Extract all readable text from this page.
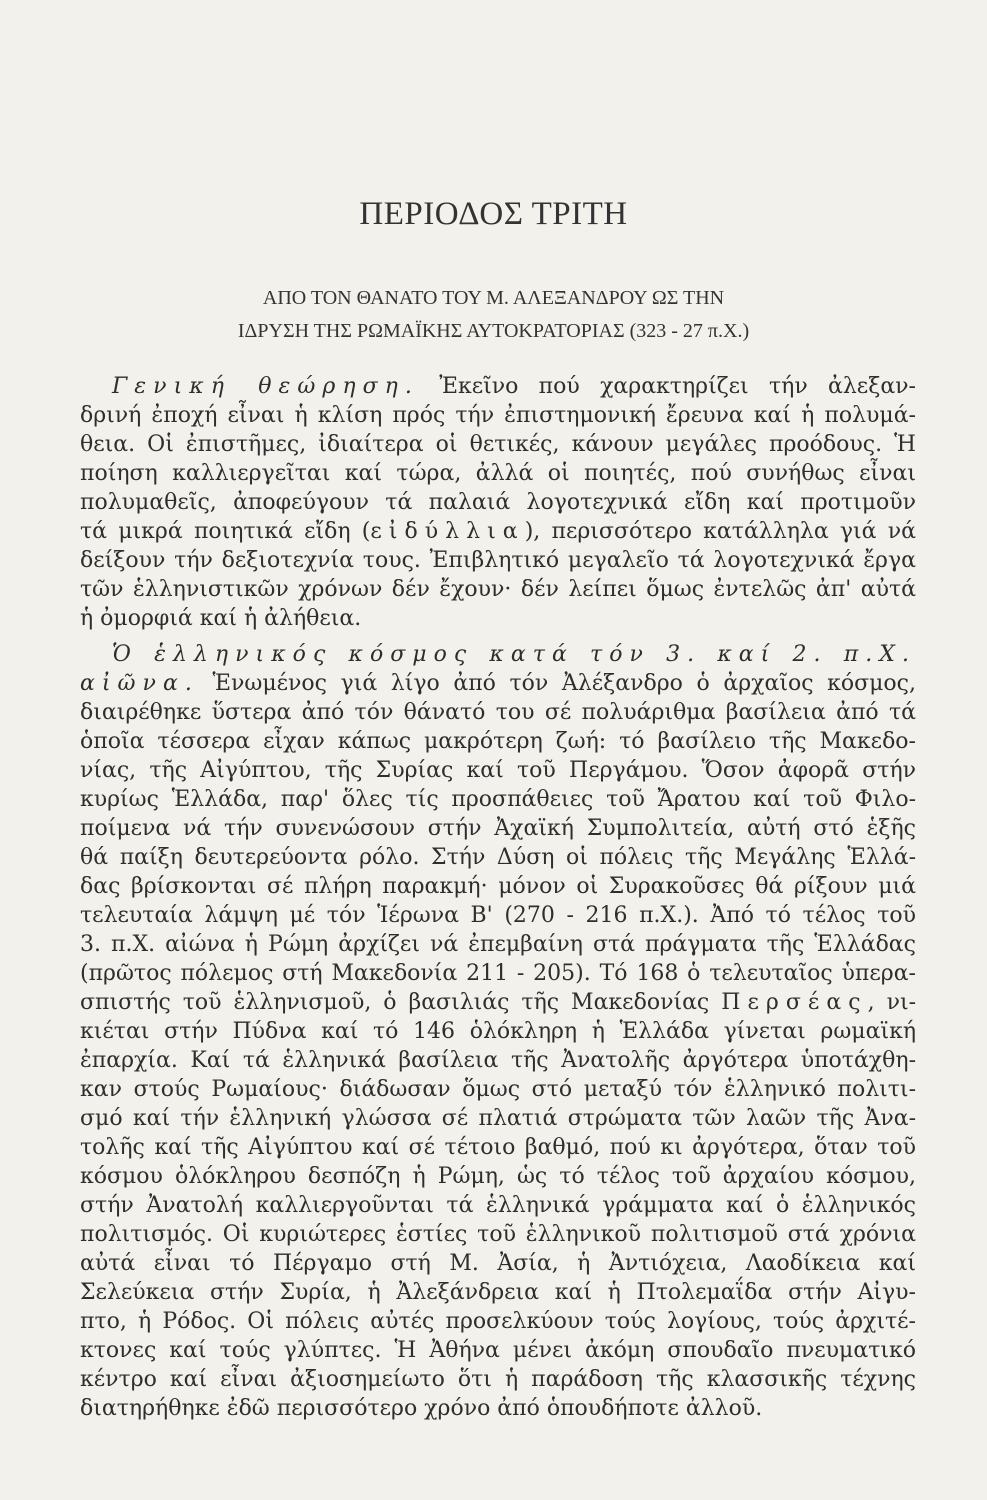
ΠΕΡΙΟΔΟΣ ΤΡΙΤΗ
ΑΠΟ ΤΟΝ ΘΑΝΑΤΟ ΤΟΥ Μ. ΑΛΕΞΑΝΔΡΟΥ ΩΣ ΤΗΝ
ΙΔΡΥΣΗ ΤΗΣ ΡΩΜΑΪΚΗΣ ΑΥΤΟΚΡΑΤΟΡΙΑΣ (323 - 27 π.Χ.)
Γενική θεώρηση. Ἐκεῖνο πού χαρακτηρίζει τήν ἀλεξαν-
δρινή ἐποχή εἶναι ἡ κλίση πρός τήν ἐπιστημονική ἔρευνα καί ἡ πολυμά-
θεια. Οἱ ἐπιστῆμες, ἰδιαίτερα οἱ θετικές, κάνουν μεγάλες προόδους. Ἡ
ποίηση καλλιεργεῖται καί τώρα, ἀλλά οἱ ποιητές, πού συνήθως εἶναι
πολυμαθεῖς, ἀποφεύγουν τά παλαιά λογοτεχνικά εἴδη καί προτιμοῦν
τά μικρά ποιητικά εἴδη (εἰδύλλια), περισσότερο κατάλληλα γιά νά
δείξουν τήν δεξιοτεχνία τους. Ἐπιβλητικό μεγαλεῖο τά λογοτεχνικά ἔργα
τῶν ἑλληνιστικῶν χρόνων δέν ἔχουν· δέν λείπει ὅμως ἐντελῶς ἀπ' αὐτά
ἡ ὀμορφιά καί ἡ ἀλήθεια.
Ὁ ἑλληνικός κόσμος κατά τόν 3. καί 2. π.Χ.
αἰῶνα. Ἑνωμένος γιά λίγο ἀπό τόν Ἀλέξανδρο ὁ ἀρχαῖος κόσμος,
διαιρέθηκε ὕστερα ἀπό τόν θάνατό του σέ πολυάριθμα βασίλεια ἀπό τά
ὁποῖα τέσσερα εἶχαν κάπως μακρότερη ζωή: τό βασίλειο τῆς Μακεδο-
νίας, τῆς Αἰγύπτου, τῆς Συρίας καί τοῦ Περγάμου. Ὅσον ἀφορᾶ στήν
κυρίως Ἑλλάδα, παρ' ὅλες τίς προσπάθειες τοῦ Ἄρατου καί τοῦ Φιλο-
ποίμενα νά τήν συνενώσουν στήν Ἀχαϊκή Συμπολιτεία, αὐτή στό ἑξῆς
θά παίξη δευτερεύοντα ρόλο. Στήν Δύση οἱ πόλεις τῆς Μεγάλης Ἑλλά-
δας βρίσκονται σέ πλήρη παρακμή· μόνον οἱ Συρακοῦσες θά ρίξουν μιά
τελευταία λάμψη μέ τόν Ἱέρωνα Β' (270 - 216 π.Χ.). Ἀπό τό τέλος τοῦ
3. π.Χ. αἰώνα ἡ Ρώμη ἀρχίζει νά ἐπεμβαίνη στά πράγματα τῆς Ἑλλάδας
(πρῶτος πόλεμος στή Μακεδονία 211 - 205). Τό 168 ὁ τελευταῖος ὑπερα-
σπιστής τοῦ ἑλληνισμοῦ, ὁ βασιλιάς τῆς Μακεδονίας Περσέας, νι-
κιέται στήν Πύδνα καί τό 146 ὁλόκληρη ἡ Ἑλλάδα γίνεται ρωμαϊκή
ἐπαρχία. Καί τά ἑλληνικά βασίλεια τῆς Ἀνατολῆς ἀργότερα ὑποτάχθη-
καν στούς Ρωμαίους· διάδωσαν ὅμως στό μεταξύ τόν ἑλληνικό πολιτι-
σμό καί τήν ἑλληνική γλώσσα σέ πλατιά στρώματα τῶν λαῶν τῆς Ἀνα-
τολῆς καί τῆς Αἰγύπτου καί σέ τέτοιο βαθμό, πού κι ἀργότερα, ὅταν τοῦ
κόσμου ὁλόκληρου δεσπόζη ἡ Ρώμη, ὡς τό τέλος τοῦ ἀρχαίου κόσμου,
στήν Ἀνατολή καλλιεργοῦνται τά ἑλληνικά γράμματα καί ὁ ἑλληνικός
πολιτισμός. Οἱ κυριώτερες ἑστίες τοῦ ἑλληνικοῦ πολιτισμοῦ στά χρόνια
αὐτά εἶναι τό Πέργαμο στή Μ. Ἀσία, ἡ Ἀντιόχεια, Λαοδίκεια καί
Σελεύκεια στήν Συρία, ἡ Ἀλεξάνδρεια καί ἡ Πτολεμαΐδα στήν Αἰγυ-
πτο, ἡ Ρόδος. Οἱ πόλεις αὐτές προσελκύουν τούς λογίους, τούς ἀρχιτέ-
κτονες καί τούς γλύπτες. Ἡ Ἀθήνα μένει ἀκόμη σπουδαῖο πνευματικό
κέντρο καί εἶναι ἀξιοσημείωτο ὅτι ἡ παράδοση τῆς κλασσικῆς τέχνης
διατηρήθηκε ἐδῶ περισσότερο χρόνο ἀπό ὁπουδήποτε ἀλλοῦ.
